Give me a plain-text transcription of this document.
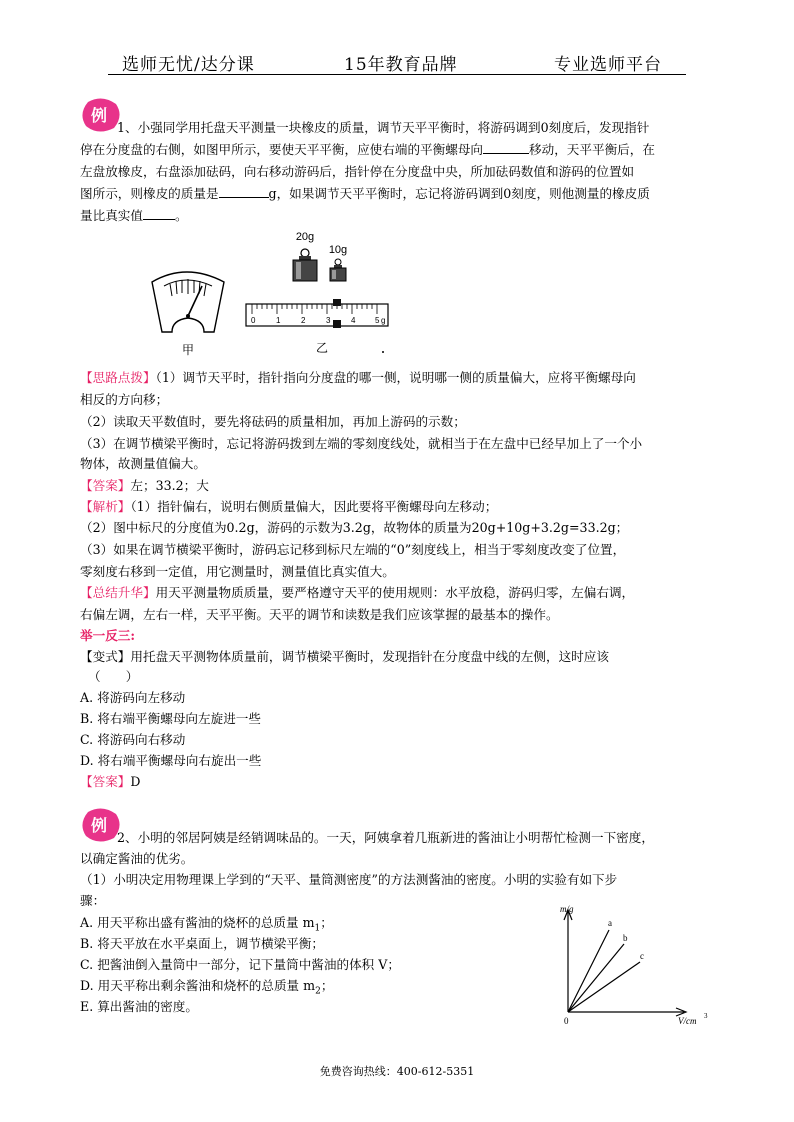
选师无忧/达分课	15年教育品牌	专业选师平台
例
1、小强同学用托盘天平测量一块橡皮的质量，调节天平平衡时，将游码调到0刻度后，发现指针
停在分度盘的右侧，如图甲所示，要使天平平衡，应使右端的平衡螺母向	移动，天平平衡后，在
左盘放橡皮，右盘添加砝码，向右移动游码后，指针停在分度盘中央，所加砝码数值和游码的位置如
图所示，则橡皮的质量是	g，如果调节天平平衡时，忘记将游码调到0刻度，则他测量的橡皮质
量比真实值	。
甲
20g
10g
0	1	2	3	4 5 g
乙
【思路点拨】（1）调节天平时，指针指向分度盘的哪一侧，说明哪一侧的质量偏大，应将平衡螺母向
相反的方向移；
（2）读取天平数值时，要先将砝码的质量相加，再加上游码的示数；
（3）在调节横梁平衡时，忘记将游码拨到左端的零刻度线处，就相当于在左盘中已经早加上了一个小
物体，故测量值偏大。
【答案】左；33.2；大
【解析】（1）指针偏右，说明右侧质量偏大，因此要将平衡螺母向左移动；
（2）图中标尺的分度值为0.2g，游码的示数为3.2g，故物体的质量为20g+10g+3.2g=33.2g；
（3）如果在调节横梁平衡时，游码忘记移到标尺左端的“0”刻度线上，相当于零刻度改变了位置，
零刻度右移到一定值，用它测量时，测量值比真实值大。
【总结升华】用天平测量物质质量，要严格遵守天平的使用规则：水平放稳，游码归零，左偏右调，
右偏左调，左右一样，天平平衡。天平的调节和读数是我们应该掌握的最基本的操作。
举一反三:
【变式】用托盘天平测物体质量前，调节横梁平衡时，发现指针在分度盘中线的左侧，这时应该
（　　）
A. 将游码向左移动
B. 将右端平衡螺母向左旋进一些
C. 将游码向右移动
D. 将右端平衡螺母向右旋出一些
【答案】D
例
2、小明的邻居阿姨是经销调味品的。一天，阿姨拿着几瓶新进的酱油让小明帮忙检测一下密度，
以确定酱油的优劣。
（1）小明决定用物理课上学到的“天平、量筒测密度”的方法测酱油的密度。小明的实验有如下步
骤：
A. 用天平称出盛有酱油的烧杯的总质量 $m_1$；
B. 将天平放在水平桌面上，调节横梁平衡；
C. 把酱油倒入量筒中一部分，记下量筒中酱油的体积 V；
D. 用天平称出剩余酱油和烧杯的总质量 $m_2$；
E. 算出酱油的密度。
m/g
V/cm 3
0
a
b
c
免费咨询热线：400-612-5351
